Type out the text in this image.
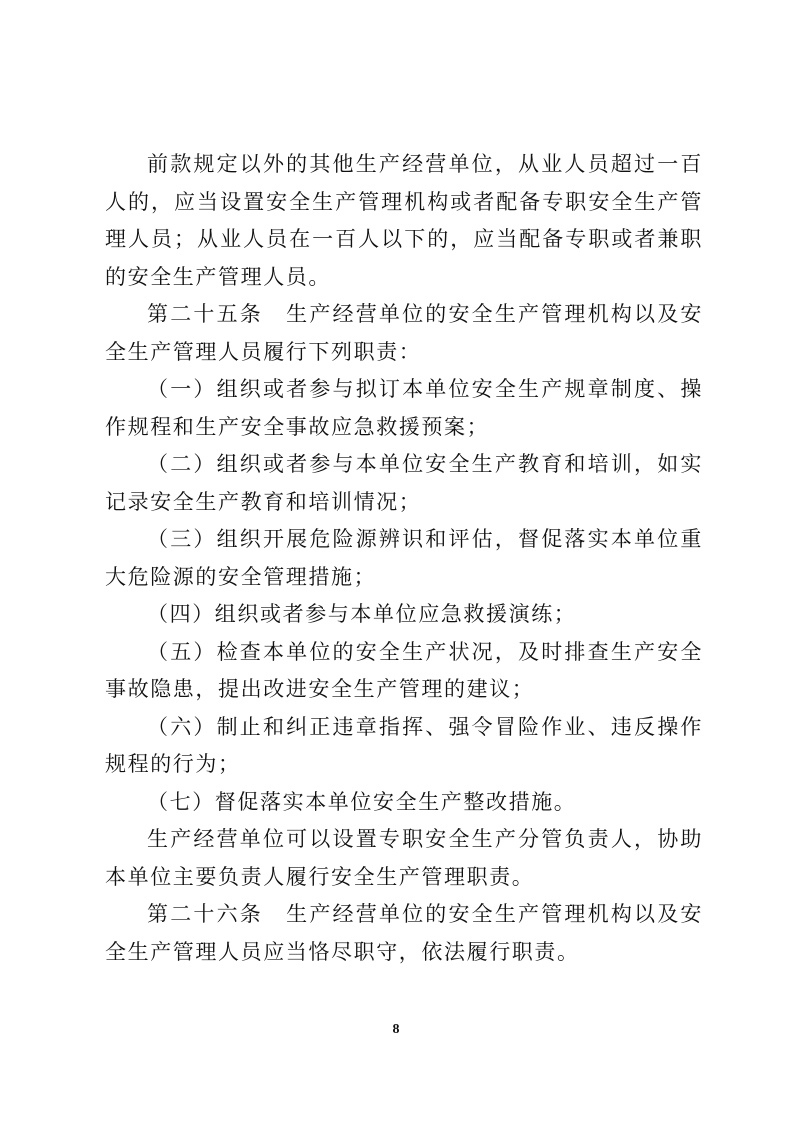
前款规定以外的其他生产经营单位，从业人员超过一百人的，应当设置安全生产管理机构或者配备专职安全生产管理人员；从业人员在一百人以下的，应当配备专职或者兼职的安全生产管理人员。

第二十五条　生产经营单位的安全生产管理机构以及安全生产管理人员履行下列职责：

（一）组织或者参与拟订本单位安全生产规章制度、操作规程和生产安全事故应急救援预案；

（二）组织或者参与本单位安全生产教育和培训，如实记录安全生产教育和培训情况；

（三）组织开展危险源辨识和评估，督促落实本单位重大危险源的安全管理措施；

（四）组织或者参与本单位应急救援演练；

（五）检查本单位的安全生产状况，及时排查生产安全事故隐患，提出改进安全生产管理的建议；

（六）制止和纠正违章指挥、强令冒险作业、违反操作规程的行为；

（七）督促落实本单位安全生产整改措施。

生产经营单位可以设置专职安全生产分管负责人，协助本单位主要负责人履行安全生产管理职责。

第二十六条　生产经营单位的安全生产管理机构以及安全生产管理人员应当恪尽职守，依法履行职责。

8
